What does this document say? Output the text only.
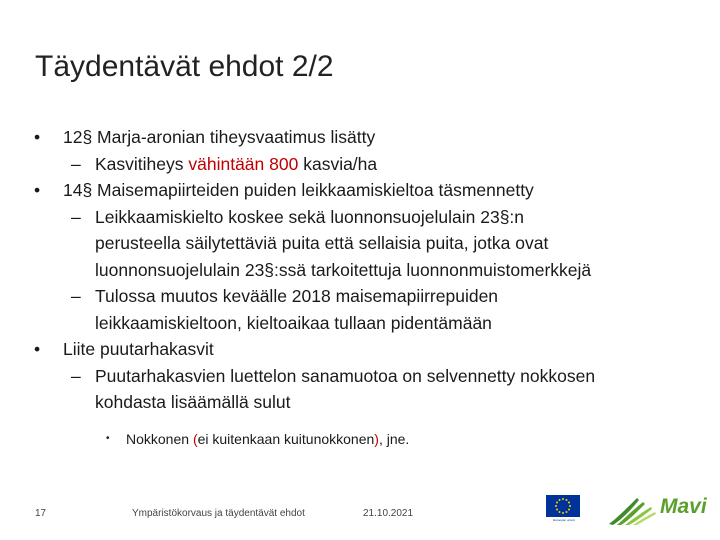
Täydentävät ehdot 2/2
•	12§ Marja-aronian tiheysvaatimus lisätty
– Kasvitiheys vähintään 800 kasvia/ha
•	14§ Maisemapiirteiden puiden leikkaamiskieltoa täsmennetty
– Leikkaamiskielto koskee sekä luonnonsuojelulain 23§:n
perusteella säilytettäviä puita että sellaisia puita, jotka ovat
luonnonsuojelulain 23§:ssä tarkoitettuja luonnonmuistomerkkejä
– Tulossa muutos keväälle 2018 maisemapiirrepuiden
leikkaamiskieltoon, kieltoaikaa tullaan pidentämään
•	Liite puutarhakasvit
– Puutarhakasvien luettelon sanamuotoa on selvennetty nokkosen
kohdasta lisäämällä sulut
•	Nokkonen (ei kuitenkaan kuitunokkonen), jne.
17	Ympäristökorvaus ja täydentävät ehdot	21.10.2021
Euroopan unioni
Mavi
